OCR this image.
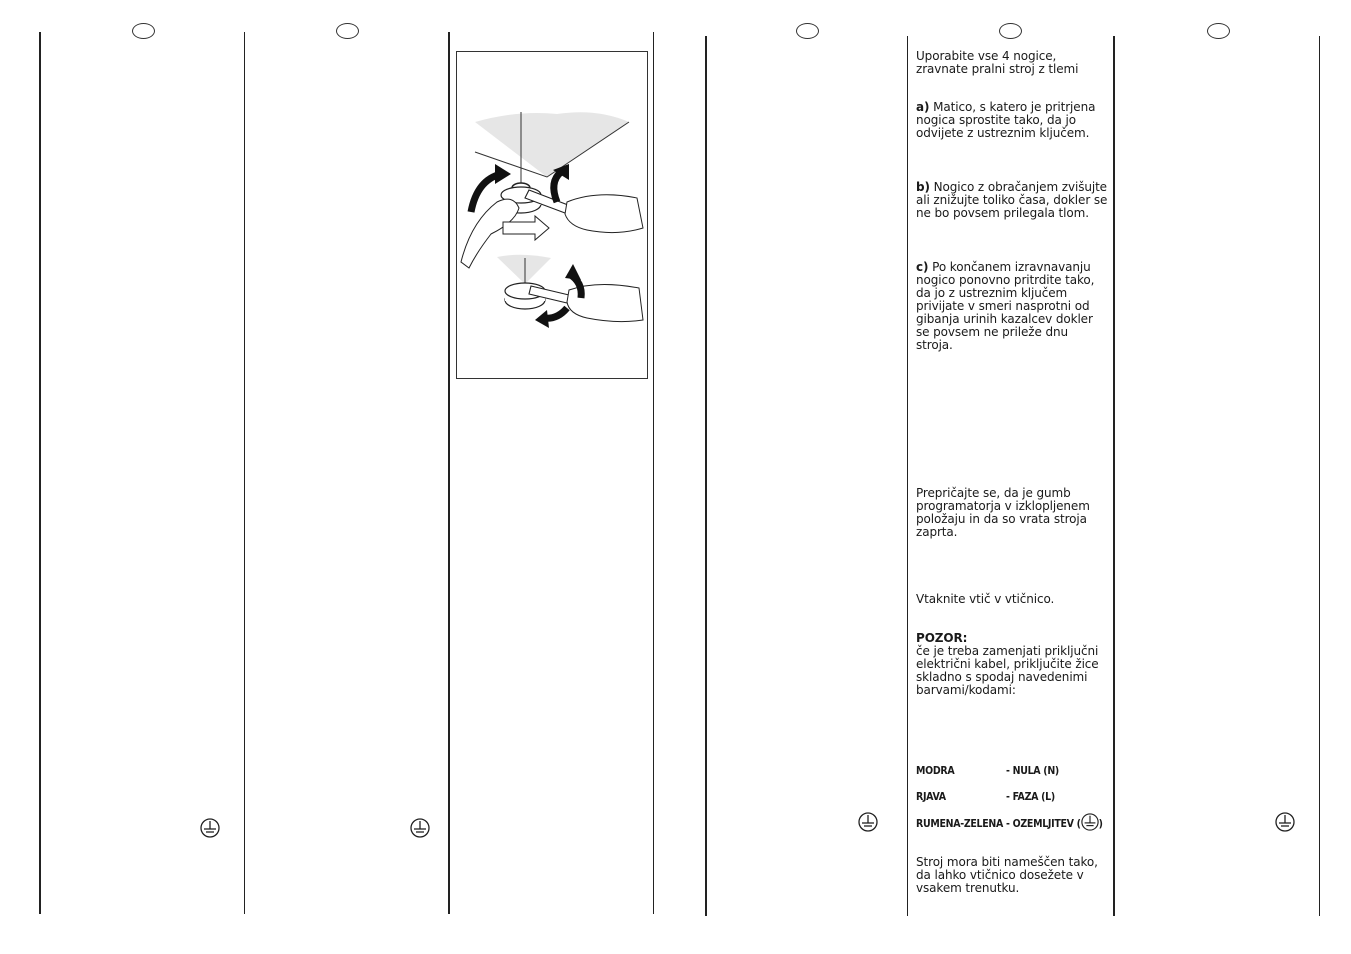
Uporabite vse 4 nogice, zravnate pralni stroj z tlemi

a) Matico, s katero je pritrjena nogica sprostite tako, da jo odvijete z ustreznim ključem.

b) Nogico z obračanjem zvišujte ali znižujte toliko časa, dokler se ne bo povsem prilegala tlom.

c) Po končanem izravnavanju nogico ponovno pritrdite tako, da jo z ustreznim ključem privijate v smeri nasprotni od gibanja urinih kazalcev dokler se povsem ne prileže dnu stroja.

Prepričajte se, da je gumb programatorja v izklopljenem položaju in da so vrata stroja zaprta.

Vtaknite vtič v vtičnico.

POZOR:

če je treba zamenjati priključni električni kabel, priključite žice skladno s spodaj navedenimi barvami/kodami:

MODRA	- NULA (N)
RJAVA	- FAZA (L)
RUMENA-ZELENA - OZEMLJITEV ( )

Stroj mora biti nameščen tako, da lahko vtičnico dosežete v vsakem trenutku.
